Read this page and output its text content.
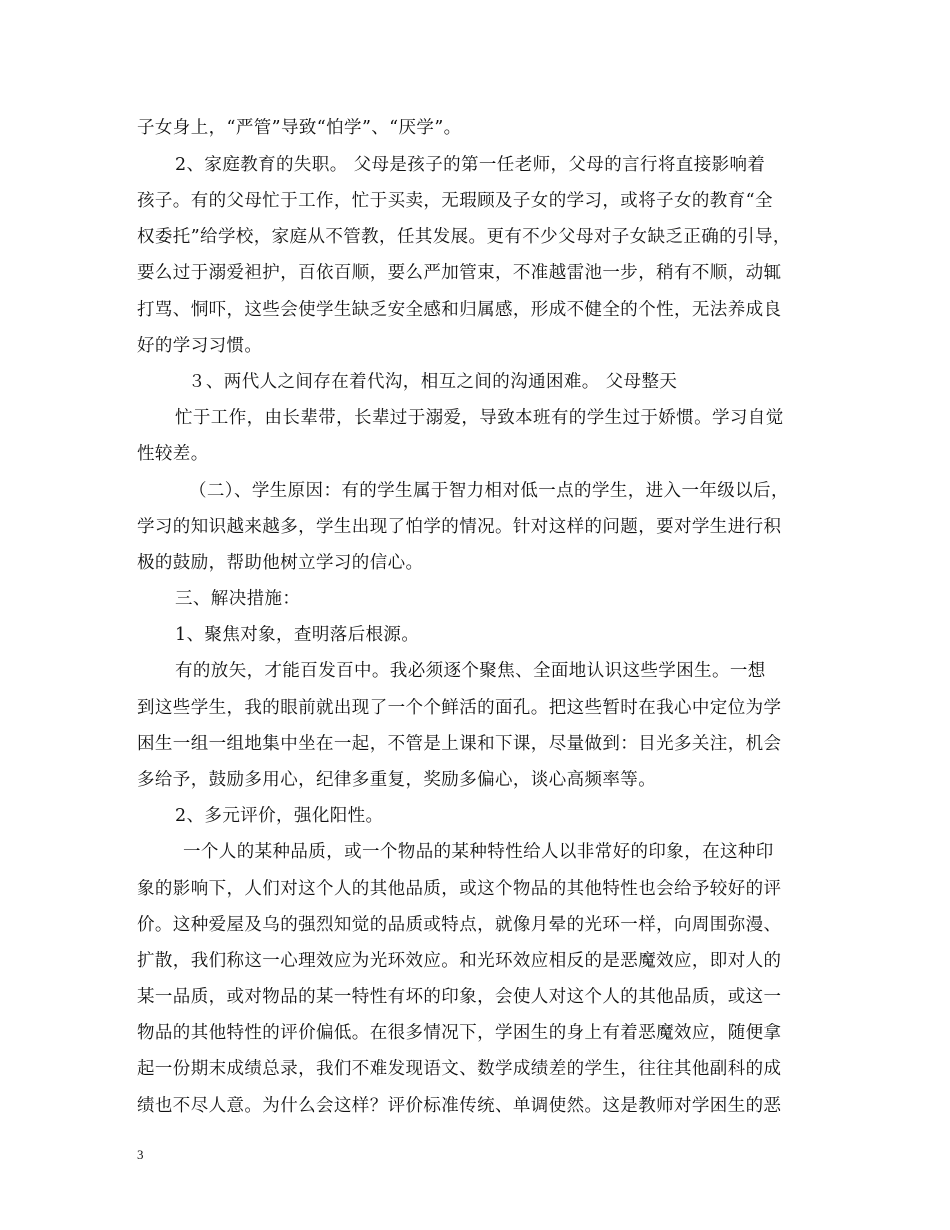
子女身上，“严管”导致“怕学”、“厌学”。
2、家庭教育的失职。 父母是孩子的第一任老师，父母的言行将直接影响着
孩子。有的父母忙于工作，忙于买卖，无瑕顾及子女的学习，或将子女的教育“全
权委托”给学校，家庭从不管教，任其发展。更有不少父母对子女缺乏正确的引导，
要么过于溺爱袒护，百依百顺，要么严加管束，不准越雷池一步，稍有不顺，动辄
打骂、恫吓，这些会使学生缺乏安全感和归属感，形成不健全的个性，无法养成良
好的学习习惯。
３、两代人之间存在着代沟，相互之间的沟通困难。 父母整天
忙于工作，由长辈带，长辈过于溺爱，导致本班有的学生过于娇惯。学习自觉
性较差。
（二）、学生原因：有的学生属于智力相对低一点的学生，进入一年级以后，
学习的知识越来越多，学生出现了怕学的情况。针对这样的问题，要对学生进行积
极的鼓励，帮助他树立学习的信心。
三、解决措施：
1、聚焦对象，查明落后根源。
有的放矢，才能百发百中。我必须逐个聚焦、全面地认识这些学困生。一想
到这些学生，我的眼前就出现了一个个鲜活的面孔。把这些暂时在我心中定位为学
困生一组一组地集中坐在一起，不管是上课和下课，尽量做到：目光多关注，机会
多给予，鼓励多用心，纪律多重复，奖励多偏心，谈心高频率等。
2、多元评价，强化阳性。
一个人的某种品质，或一个物品的某种特性给人以非常好的印象，在这种印
象的影响下，人们对这个人的其他品质，或这个物品的其他特性也会给予较好的评
价。这种爱屋及乌的强烈知觉的品质或特点，就像月晕的光环一样，向周围弥漫、
扩散，我们称这一心理效应为光环效应。和光环效应相反的是恶魔效应，即对人的
某一品质，或对物品的某一特性有坏的印象，会使人对这个人的其他品质，或这一
物品的其他特性的评价偏低。在很多情况下，学困生的身上有着恶魔效应，随便拿
起一份期末成绩总录，我们不难发现语文、数学成绩差的学生，往往其他副科的成
绩也不尽人意。为什么会这样？评价标准传统、单调使然。这是教师对学困生的恶
3
